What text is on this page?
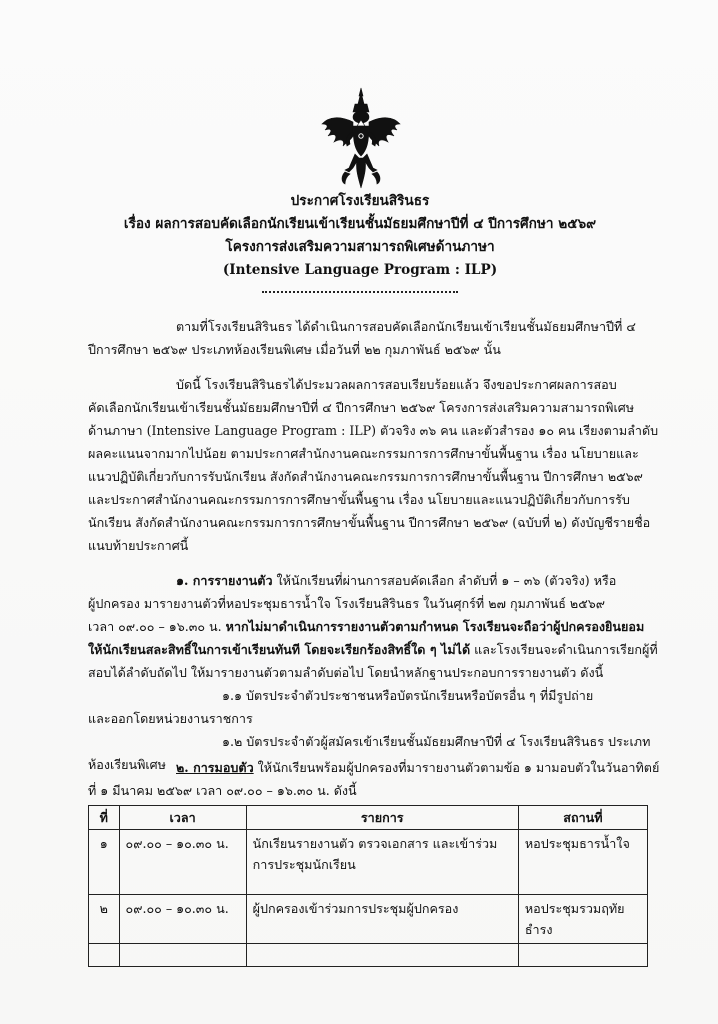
ประกาศโรงเรียนสิรินธร
เรื่อง ผลการสอบคัดเลือกนักเรียนเข้าเรียนชั้นมัธยมศึกษาปีที่ ๔ ปีการศึกษา ๒๕๖๙
โครงการส่งเสริมความสามารถพิเศษด้านภาษา
(Intensive Language Program : ILP)
ตามที่โรงเรียนสิรินธร ได้ดำเนินการสอบคัดเลือกนักเรียนเข้าเรียนชั้นมัธยมศึกษาปีที่ ๔
ปีการศึกษา ๒๕๖๙ ประเภทห้องเรียนพิเศษ เมื่อวันที่ ๒๒ กุมภาพันธ์ ๒๕๖๙ นั้น
บัดนี้ โรงเรียนสิรินธรได้ประมวลผลการสอบเรียบร้อยแล้ว จึงขอประกาศผลการสอบ
คัดเลือกนักเรียนเข้าเรียนชั้นมัธยมศึกษาปีที่ ๔ ปีการศึกษา ๒๕๖๙ โครงการส่งเสริมความสามารถพิเศษ
ด้านภาษา (Intensive Language Program : ILP) ตัวจริง ๓๖ คน และตัวสำรอง ๑๐ คน เรียงตามลำดับ
ผลคะแนนจากมากไปน้อย ตามประกาศสำนักงานคณะกรรมการการศึกษาขั้นพื้นฐาน เรื่อง นโยบายและ
แนวปฏิบัติเกี่ยวกับการรับนักเรียน สังกัดสำนักงานคณะกรรมการการศึกษาขั้นพื้นฐาน ปีการศึกษา ๒๕๖๙
และประกาศสำนักงานคณะกรรมการการศึกษาขั้นพื้นฐาน เรื่อง นโยบายและแนวปฏิบัติเกี่ยวกับการรับ
นักเรียน สังกัดสำนักงานคณะกรรมการการศึกษาขั้นพื้นฐาน ปีการศึกษา ๒๕๖๙ (ฉบับที่ ๒) ดังบัญชีรายชื่อ
แนบท้ายประกาศนี้
๑. การรายงานตัว ให้นักเรียนที่ผ่านการสอบคัดเลือก ลำดับที่ ๑ – ๓๖ (ตัวจริง) หรือ
ผู้ปกครอง มารายงานตัวที่หอประชุมธารน้ำใจ โรงเรียนสิรินธร ในวันศุกร์ที่ ๒๗ กุมภาพันธ์ ๒๕๖๙
เวลา ๐๙.๐๐ – ๑๖.๓๐ น. หากไม่มาดำเนินการรายงานตัวตามกำหนด โรงเรียนจะถือว่าผู้ปกครองยินยอม
ให้นักเรียนสละสิทธิ์ในการเข้าเรียนทันที โดยจะเรียกร้องสิทธิ์ใด ๆ ไม่ได้ และโรงเรียนจะดำเนินการเรียกผู้ที่
สอบได้ลำดับถัดไป ให้มารายงานตัวตามลำดับต่อไป โดยนำหลักฐานประกอบการรายงานตัว ดังนี้
๑.๑ บัตรประจำตัวประชาชนหรือบัตรนักเรียนหรือบัตรอื่น ๆ ที่มีรูปถ่าย
และออกโดยหน่วยงานราชการ
๑.๒ บัตรประจำตัวผู้สมัครเข้าเรียนชั้นมัธยมศึกษาปีที่ ๔ โรงเรียนสิรินธร ประเภท
ห้องเรียนพิเศษ ๒. การมอบตัว ให้นักเรียนพร้อมผู้ปกครองที่มารายงานตัวตามข้อ ๑ มามอบตัวในวันอาทิตย์
ที่ ๑ มีนาคม ๒๕๖๙ เวลา ๐๙.๐๐ – ๑๖.๓๐ น. ดังนี้
ที่	เวลา	รายการ	สถานที่
๑	๐๙.๐๐ – ๑๐.๓๐ น.	นักเรียนรายงานตัว ตรวจเอกสาร และเข้าร่วมการประชุมนักเรียน	หอประชุมธารน้ำใจ
๒	๐๙.๐๐ – ๑๐.๓๐ น.	ผู้ปกครองเข้าร่วมการประชุมผู้ปกครอง	หอประชุมรวมฤทัยธำรง
